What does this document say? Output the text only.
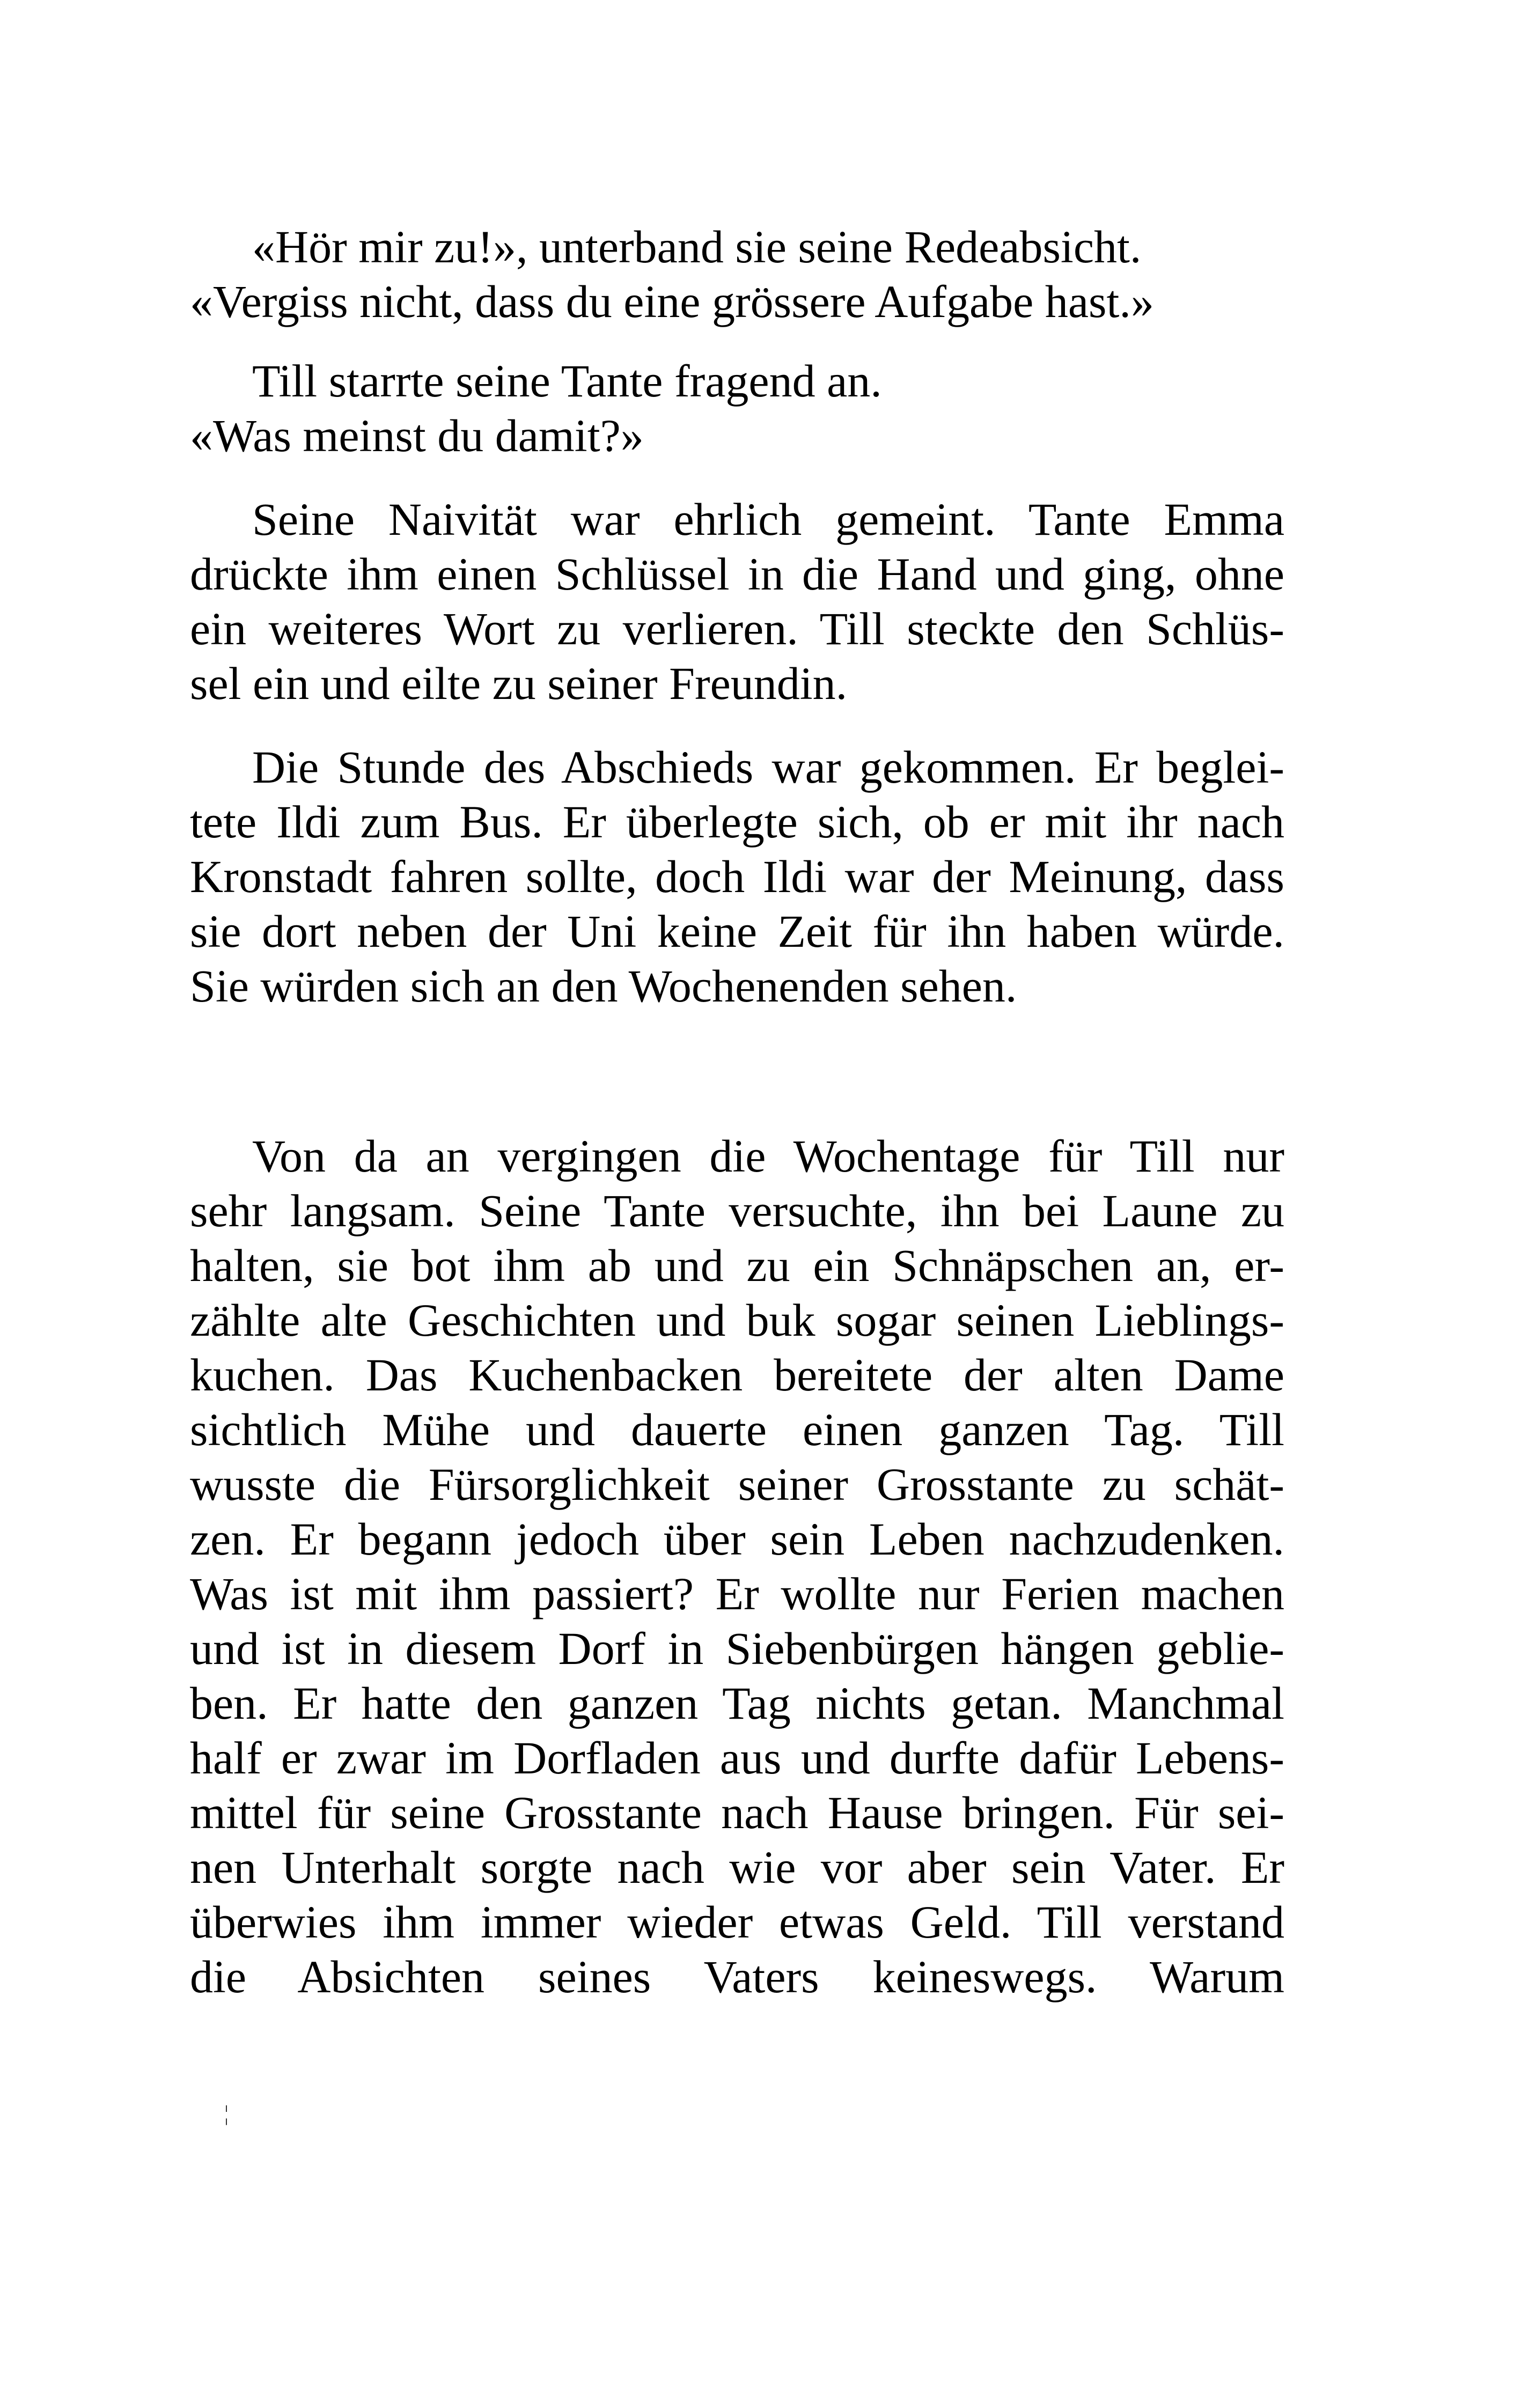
«Hör mir zu!», unterband sie seine Redeabsicht.
«Vergiss nicht, dass du eine grössere Aufgabe hast.»
Till starrte seine Tante fragend an.
«Was meinst du damit?»
Seine Naivität war ehrlich gemeint. Tante Emma
drückte ihm einen Schlüssel in die Hand und ging, ohne
ein weiteres Wort zu verlieren. Till steckte den Schlüs-
sel ein und eilte zu seiner Freundin.
Die Stunde des Abschieds war gekommen. Er beglei-
tete Ildi zum Bus. Er überlegte sich, ob er mit ihr nach
Kronstadt fahren sollte, doch Ildi war der Meinung, dass
sie dort neben der Uni keine Zeit für ihn haben würde.
Sie würden sich an den Wochenenden sehen.
Von da an vergingen die Wochentage für Till nur
sehr langsam. Seine Tante versuchte, ihn bei Laune zu
halten, sie bot ihm ab und zu ein Schnäpschen an, er-
zählte alte Geschichten und buk sogar seinen Lieblings-
kuchen. Das Kuchenbacken bereitete der alten Dame
sichtlich Mühe und dauerte einen ganzen Tag. Till
wusste die Fürsorglichkeit seiner Grosstante zu schät-
zen. Er begann jedoch über sein Leben nachzudenken.
Was ist mit ihm passiert? Er wollte nur Ferien machen
und ist in diesem Dorf in Siebenbürgen hängen geblie-
ben. Er hatte den ganzen Tag nichts getan. Manchmal
half er zwar im Dorfladen aus und durfte dafür Lebens-
mittel für seine Grosstante nach Hause bringen. Für sei-
nen Unterhalt sorgte nach wie vor aber sein Vater. Er
überwies ihm immer wieder etwas Geld. Till verstand
die Absichten seines Vaters keineswegs. Warum
¦
